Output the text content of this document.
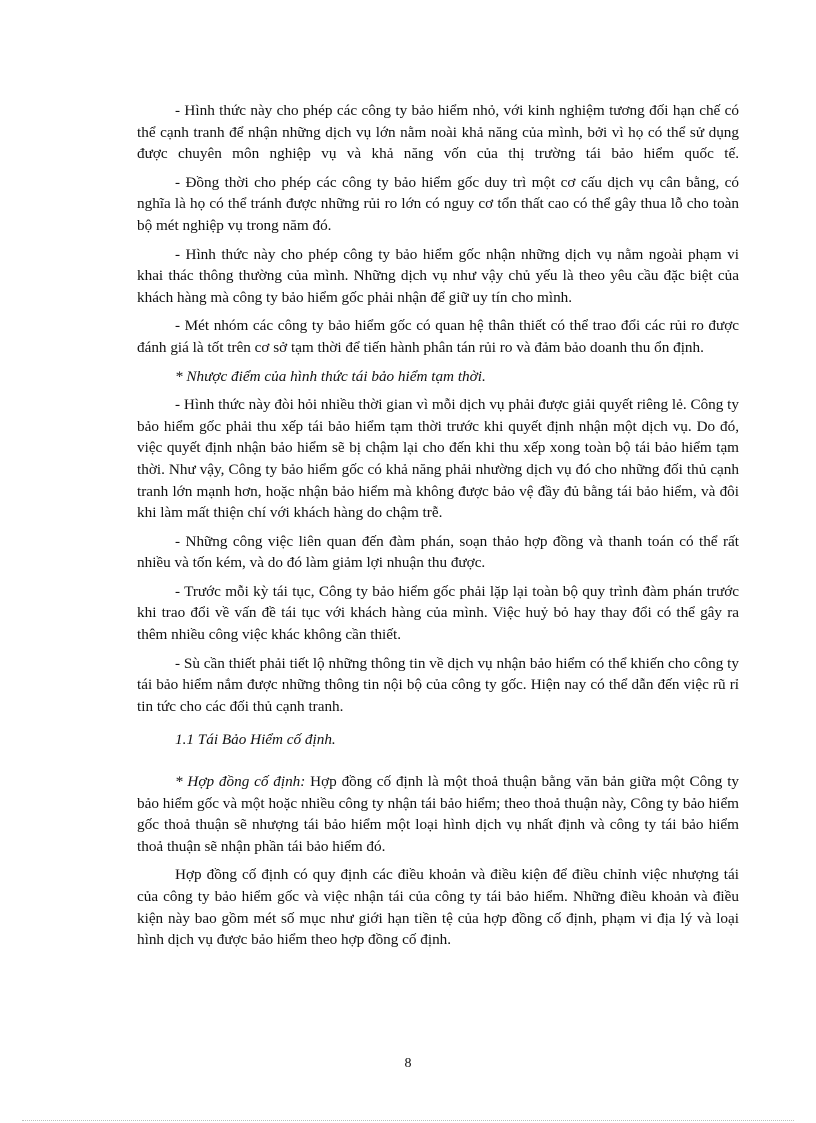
- Hình thức này cho phép các công ty bảo hiểm nhỏ, với kinh nghiệm tương đối hạn chế có thể cạnh tranh để nhận những dịch vụ lớn nằm noài khả năng của mình, bởi vì họ có thể sử dụng được chuyên môn nghiệp vụ và khả năng vốn của thị trường tái bảo hiểm quốc tế.

- Đồng thời cho phép các công ty bảo hiểm gốc duy trì một cơ cấu dịch vụ cân bằng, có nghĩa là họ có thể tránh được những rủi ro lớn có nguy cơ tổn thất cao có thể gây thua lỗ cho toàn bộ mét nghiệp vụ trong năm đó.

- Hình thức này cho phép công ty bảo hiểm gốc nhận những dịch vụ nằm ngoài phạm vi khai thác thông thường của mình. Những dịch vụ như vậy chủ yếu là theo yêu cầu đặc biệt của khách hàng mà công ty bảo hiểm gốc phải nhận để giữ uy tín cho mình.

- Mét nhóm các công ty bảo hiểm gốc có quan hệ thân thiết có thể trao đổi các rủi ro được đánh giá là tốt trên cơ sở tạm thời để tiến hành phân tán rủi ro và đảm bảo doanh thu ổn định.

* Nhược điểm của hình thức tái bảo hiểm tạm thời.

- Hình thức này đòi hỏi nhiều thời gian vì mỗi dịch vụ phải được giải quyết riêng lẻ. Công ty bảo hiểm gốc phải thu xếp tái bảo hiểm tạm thời trước khi quyết định nhận một dịch vụ. Do đó, việc quyết định nhận bảo hiểm sẽ bị chậm lại cho đến khi thu xếp xong toàn bộ tái bảo hiểm tạm thời. Như vậy, Công ty bảo hiểm gốc có khả năng phải nhường dịch vụ đó cho những đối thủ cạnh tranh lớn mạnh hơn, hoặc nhận bảo hiểm mà không được bảo vệ đầy đủ bằng tái bảo hiểm, và đôi khi làm mất thiện chí với khách hàng do chậm trễ.

- Những công việc liên quan đến đàm phán, soạn thảo hợp đồng và thanh toán có thể rất nhiều và tốn kém, và do đó làm giảm lợi nhuận thu được.

- Trước mỗi kỳ tái tục, Công ty bảo hiểm gốc phải lặp lại toàn bộ quy trình đàm phán trước khi trao đổi về vấn đề tái tục với khách hàng của mình. Việc huỷ bỏ hay thay đổi có thể gây ra thêm nhiều công việc khác không cần thiết.

- Sù cần thiết phải tiết lộ những thông tin về dịch vụ nhận bảo hiểm có thể khiến cho công ty tái bảo hiểm nắm được những thông tin nội bộ của công ty gốc. Hiện nay có thể dẫn đến việc rũ rỉ tin tức cho các đối thủ cạnh tranh.

1.1 Tái Bảo Hiểm cố định.

* Hợp đồng cố định: Hợp đồng cố định là một thoả thuận bằng văn bản giữa một Công ty bảo hiểm gốc và một hoặc nhiều công ty nhận tái bảo hiểm; theo thoả thuận này, Công ty bảo hiểm gốc thoả thuận sẽ nhượng tái bảo hiểm một loại hình dịch vụ nhất định và công ty tái bảo hiểm thoả thuận sẽ nhận phần tái bảo hiểm đó.

Hợp đồng cố định có quy định các điều khoản và điều kiện để điều chỉnh việc nhượng tái của công ty bảo hiểm gốc và việc nhận tái của công ty tái bảo hiểm. Những điều khoản và điều kiện này bao gồm mét số mục như giới hạn tiền tệ của hợp đồng cố định, phạm vi địa lý và loại hình dịch vụ được bảo hiểm theo hợp đồng cố định.

8
